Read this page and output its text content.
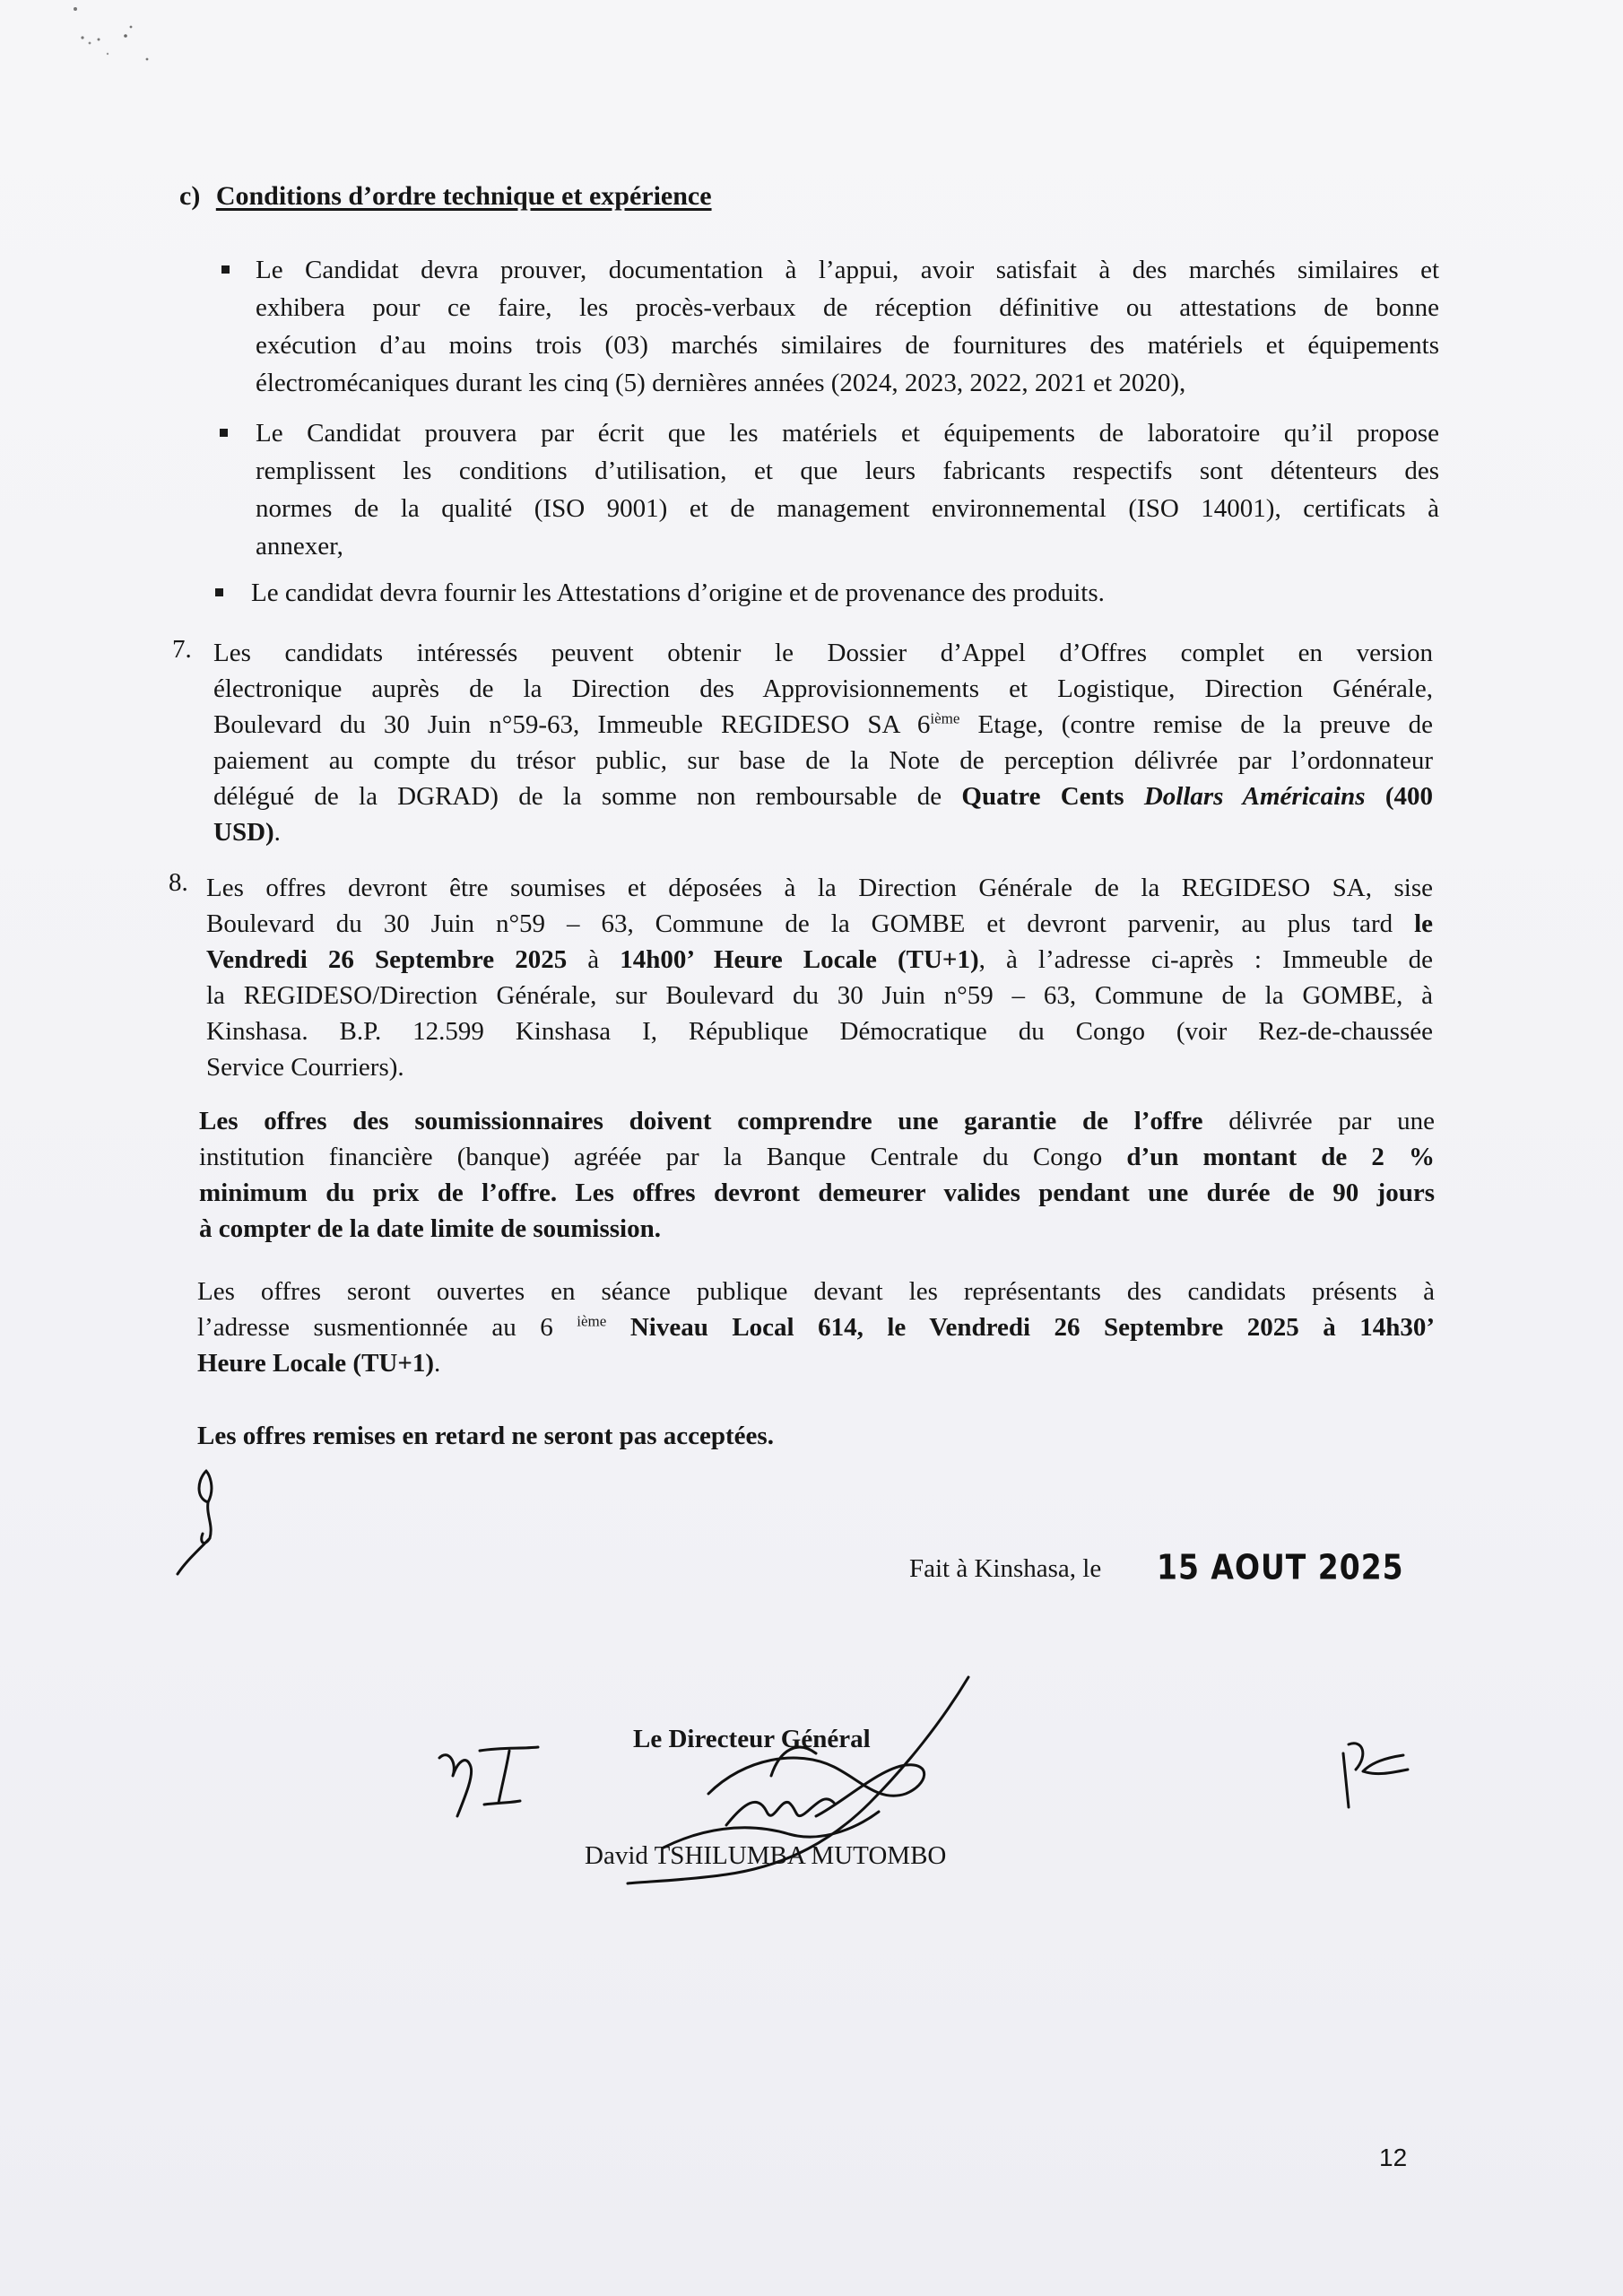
c) Conditions d’ordre technique et expérience
Le Candidat devra prouver, documentation à l’appui, avoir satisfait à des marchés similaires et
exhibera pour ce faire, les procès-verbaux de réception définitive ou attestations de bonne
exécution d’au moins trois (03) marchés similaires de fournitures des matériels et équipements
électromécaniques durant les cinq (5) dernières années (2024, 2023, 2022, 2021 et 2020),
Le Candidat prouvera par écrit que les matériels et équipements de laboratoire qu’il propose
remplissent les conditions d’utilisation, et que leurs fabricants respectifs sont détenteurs des
normes de la qualité (ISO 9001) et de management environnemental (ISO 14001), certificats à
annexer,
Le candidat devra fournir les Attestations d’origine et de provenance des produits.
7. Les candidats intéressés peuvent obtenir le Dossier d’Appel d’Offres complet en version
électronique auprès de la Direction des Approvisionnements et Logistique, Direction Générale,
Boulevard du 30 Juin n°59-63, Immeuble REGIDESO SA 6ième Etage, (contre remise de la preuve de
paiement au compte du trésor public, sur base de la Note de perception délivrée par l’ordonnateur
délégué de la DGRAD) de la somme non remboursable de Quatre Cents Dollars Américains (400
USD).
8. Les offres devront être soumises et déposées à la Direction Générale de la REGIDESO SA, sise
Boulevard du 30 Juin n°59 – 63, Commune de la GOMBE et devront parvenir, au plus tard le
Vendredi 26 Septembre 2025 à 14h00’ Heure Locale (TU+1), à l’adresse ci-après : Immeuble de
la REGIDESO/Direction Générale, sur Boulevard du 30 Juin n°59 – 63, Commune de la GOMBE, à
Kinshasa. B.P. 12.599 Kinshasa I, République Démocratique du Congo (voir Rez-de-chaussée
Service Courriers).
Les offres des soumissionnaires doivent comprendre une garantie de l’offre délivrée par une
institution financière (banque) agréée par la Banque Centrale du Congo d’un montant de 2 %
minimum du prix de l’offre. Les offres devront demeurer valides pendant une durée de 90 jours
à compter de la date limite de soumission.
Les offres seront ouvertes en séance publique devant les représentants des candidats présents à
l’adresse susmentionnée au 6 $^{ième}$ Niveau Local 614, le Vendredi 26 Septembre 2025 à 14h30’
Heure Locale (TU+1).
Les offres remises en retard ne seront pas acceptées.
Fait à Kinshasa, le 15 AOUT 2025
Le Directeur Général
David TSHILUMBA MUTOMBO
12
